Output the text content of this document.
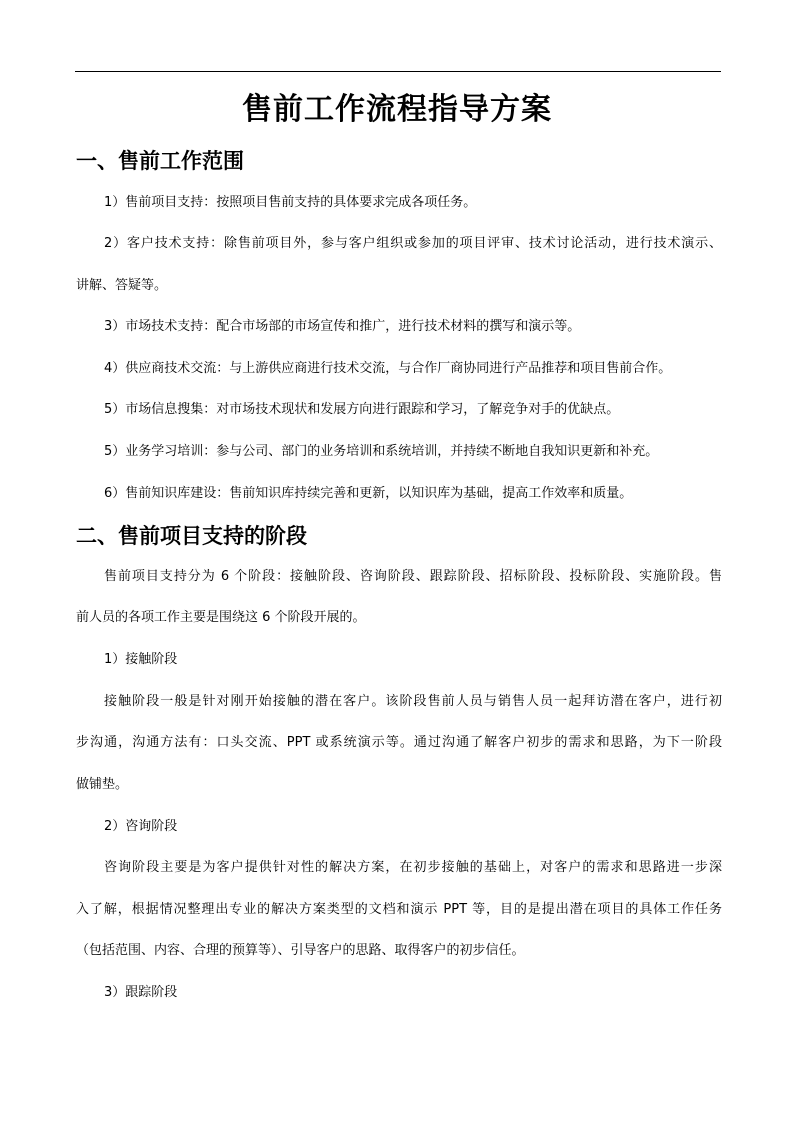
售前工作流程指导方案
一、售前工作范围
1）售前项目支持：按照项目售前支持的具体要求完成各项任务。
2）客户技术支持：除售前项目外，参与客户组织或参加的项目评审、技术讨论活动，进行技术演示、
讲解、答疑等。
3）市场技术支持：配合市场部的市场宣传和推广，进行技术材料的撰写和演示等。
4）供应商技术交流：与上游供应商进行技术交流，与合作厂商协同进行产品推荐和项目售前合作。
5）市场信息搜集：对市场技术现状和发展方向进行跟踪和学习，了解竞争对手的优缺点。
5）业务学习培训：参与公司、部门的业务培训和系统培训，并持续不断地自我知识更新和补充。
6）售前知识库建设：售前知识库持续完善和更新，以知识库为基础，提高工作效率和质量。
二、售前项目支持的阶段
售前项目支持分为 6 个阶段：接触阶段、咨询阶段、跟踪阶段、招标阶段、投标阶段、实施阶段。售
前人员的各项工作主要是围绕这 6 个阶段开展的。
1）接触阶段
接触阶段一般是针对刚开始接触的潜在客户。该阶段售前人员与销售人员一起拜访潜在客户，进行初
步沟通，沟通方法有：口头交流、PPT 或系统演示等。通过沟通了解客户初步的需求和思路，为下一阶段
做铺垫。
2）咨询阶段
咨询阶段主要是为客户提供针对性的解决方案，在初步接触的基础上，对客户的需求和思路进一步深
入了解，根据情况整理出专业的解决方案类型的文档和演示 PPT 等，目的是提出潜在项目的具体工作任务
（包括范围、内容、合理的预算等）、引导客户的思路、取得客户的初步信任。
3）跟踪阶段
